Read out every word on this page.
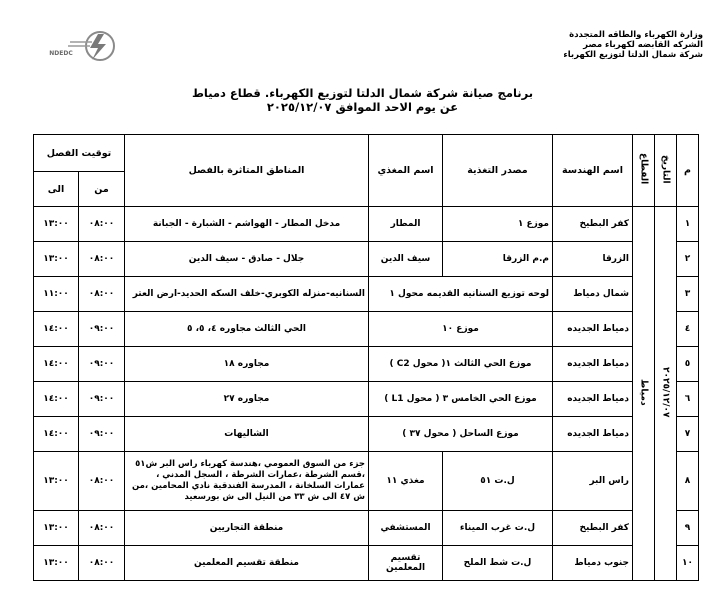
وزارة الكهرباء والطاقه المتجددة
الشركه القابضه لكهرباء مصر
شركة شمال الدلتا لتوزيع الكهرباء
NDEDC
برنامج صيانة شركة شمال الدلتا لتوزيع الكهرباء. قطاع دمياط
عن يوم الاحد الموافق ٢٠٢٥/١٢/٠٧
م	التاريخ	القطاع	اسم الهندسة	مصدر التغذية	اسم المغذي	المناطق المتاثرة بالفصل	توقيت الفصل	
							من	الى
١	٢٠٢٥/١٢/٠٧	دمياط	كفر البطيخ	موزع ١	المطار	مدخل المطار - الهواشم - الشبارة - الجبانة	٠٨:٠٠	١٣:٠٠
٢			الزرقا	م.م الزرقا	سيف الدين	جلال - صادق - سيف الدين	٠٨:٠٠	١٣:٠٠
٣			شمال دمياط	لوحه توزيع السنانيه القديمه محول ١		السنانيه-منزله الكوبري-خلف السكه الحديد-ارض العتر	٠٨:٠٠	١١:٠٠
٤			دمياط الجديده	موزع ١٠		الحي الثالث مجاوره ٤، ٥، ٥	٠٩:٠٠	١٤:٠٠
٥			دمياط الجديده	موزع الحي الثالث ١( محول C2 )		مجاوره ١٨	٠٩:٠٠	١٤:٠٠
٦			دمياط الجديده	موزع الحي الخامس ٣ ( محول L1 )		مجاوره ٢٧	٠٩:٠٠	١٤:٠٠
٧			دمياط الجديده	موزع الساحل ( محول ٣٧ )		الشاليهات	٠٩:٠٠	١٤:٠٠
٨			راس البر	ل.ت ٥١	مغذي ١١	جزء من السوق العمومي ،هندسة كهرباء راس البر ش٥١ ،قسم الشرطة ،عمارات الشرطة ، السجل المدني ، عمارات السلخانة ، المدرسة الفندقية نادي المحامين ،من ش ٤٧ الى ش ٣٣ من النيل الى ش بورسعيد	٠٨:٠٠	١٣:٠٠
٩			كفر البطيخ	ل.ت غرب الميناء	المستشفي	منطقة التجاريين	٠٨:٠٠	١٣:٠٠
١٠			جنوب دمياط	ل.ت شط الملح	تقسيم المعلمين	منطقة تقسيم المعلمين	٠٨:٠٠	١٣:٠٠
